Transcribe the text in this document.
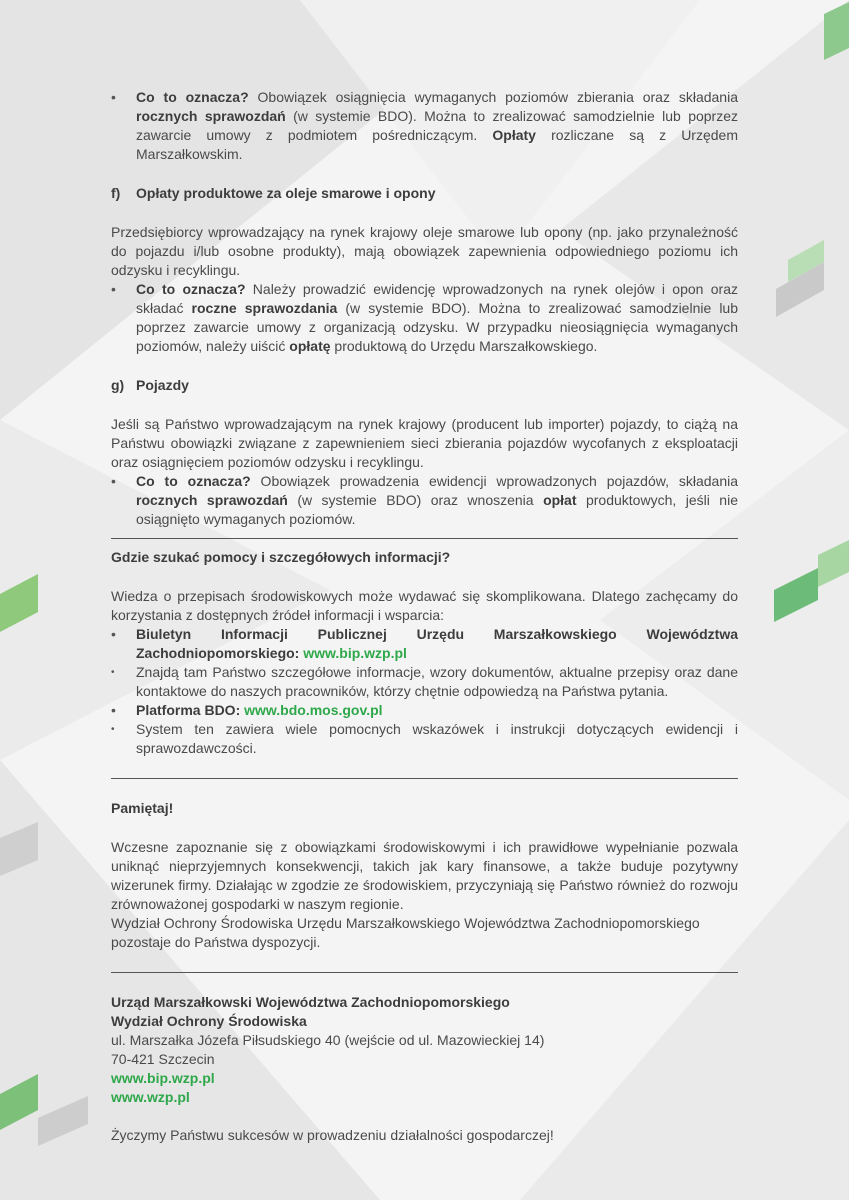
• Co to oznacza? Obowiązek osiągnięcia wymaganych poziomów zbierania oraz składania rocznych sprawozdań (w systemie BDO). Można to zrealizować samodzielnie lub poprzez zawarcie umowy z podmiotem pośredniczącym. Opłaty rozliczane są z Urzędem Marszałkowskim.

f) Opłaty produktowe za oleje smarowe i opony

Przedsiębiorcy wprowadzający na rynek krajowy oleje smarowe lub opony (np. jako przynależność do pojazdu i/lub osobne produkty), mają obowiązek zapewnienia odpowiedniego poziomu ich odzysku i recyklingu.

• Co to oznacza? Należy prowadzić ewidencję wprowadzonych na rynek olejów i opon oraz składać roczne sprawozdania (w systemie BDO). Można to zrealizować samodzielnie lub poprzez zawarcie umowy z organizacją odzysku. W przypadku nieosiągnięcia wymaganych poziomów, należy uiścić opłatę produktową do Urzędu Marszałkowskiego.

g) Pojazdy

Jeśli są Państwo wprowadzającym na rynek krajowy (producent lub importer) pojazdy, to ciążą na Państwu obowiązki związane z zapewnieniem sieci zbierania pojazdów wycofanych z eksploatacji oraz osiągnięciem poziomów odzysku i recyklingu.

• Co to oznacza? Obowiązek prowadzenia ewidencji wprowadzonych pojazdów, składania rocznych sprawozdań (w systemie BDO) oraz wnoszenia opłat produktowych, jeśli nie osiągnięto wymaganych poziomów.

Gdzie szukać pomocy i szczegółowych informacji?

Wiedza o przepisach środowiskowych może wydawać się skomplikowana. Dlatego zachęcamy do korzystania z dostępnych źródeł informacji i wsparcia:

• Biuletyn Informacji Publicznej Urzędu Marszałkowskiego Województwa Zachodniopomorskiego: www.bip.wzp.pl

• Znajdą tam Państwo szczegółowe informacje, wzory dokumentów, aktualne przepisy oraz dane kontaktowe do naszych pracowników, którzy chętnie odpowiedzą na Państwa pytania.

• Platforma BDO: www.bdo.mos.gov.pl

• System ten zawiera wiele pomocnych wskazówek i instrukcji dotyczących ewidencji i sprawozdawczości.

Pamiętaj!

Wczesne zapoznanie się z obowiązkami środowiskowymi i ich prawidłowe wypełnianie pozwala uniknąć nieprzyjemnych konsekwencji, takich jak kary finansowe, a także buduje pozytywny wizerunek firmy. Działając w zgodzie ze środowiskiem, przyczyniają się Państwo również do rozwoju zrównoważonej gospodarki w naszym regionie.

Wydział Ochrony Środowiska Urzędu Marszałkowskiego Województwa Zachodniopomorskiego pozostaje do Państwa dyspozycji.

Urząd Marszałkowski Województwa Zachodniopomorskiego

Wydział Ochrony Środowiska

ul. Marszałka Józefa Piłsudskiego 40 (wejście od ul. Mazowieckiej 14)

70-421 Szczecin

www.bip.wzp.pl

www.wzp.pl

Życzymy Państwu sukcesów w prowadzeniu działalności gospodarczej!
